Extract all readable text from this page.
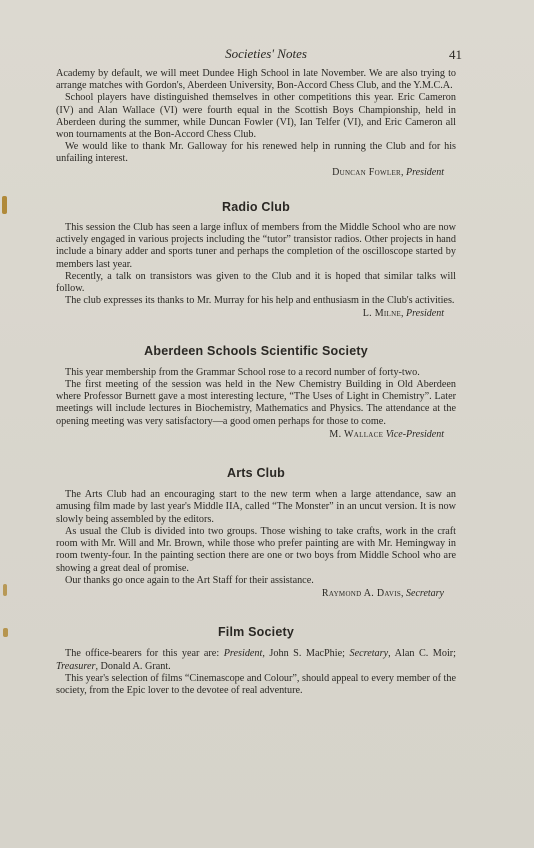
Societies' Notes	41

Academy by default, we will meet Dundee High School in late November. We are also trying to arrange matches with Gordon's, Aberdeen University, Bon-Accord Chess Club, and the Y.M.C.A.

School players have distinguished themselves in other competitions this year. Eric Cameron (IV) and Alan Wallace (VI) were fourth equal in the Scottish Boys Championship, held in Aberdeen during the summer, while Duncan Fowler (VI), Ian Telfer (VI), and Eric Cameron all won tournaments at the Bon-Accord Chess Club.

We would like to thank Mr. Galloway for his renewed help in running the Club and for his unfailing interest.

Duncan Fowler, President
Radio Club

This session the Club has seen a large influx of members from the Middle School who are now actively engaged in various projects including the “tutor” transistor radios. Other projects in hand include a binary adder and sports tuner and perhaps the completion of the oscilloscope started by members last year.

Recently, a talk on transistors was given to the Club and it is hoped that similar talks will follow.

The club expresses its thanks to Mr. Murray for his help and enthusiasm in the Club's activities.

L. Milne, President
Aberdeen Schools Scientific Society

This year membership from the Grammar School rose to a record number of forty-two.

The first meeting of the session was held in the New Chemistry Building in Old Aberdeen where Professor Burnett gave a most interesting lecture, “The Uses of Light in Chemistry”. Later meetings will include lectures in Biochemistry, Mathematics and Physics. The attendance at the opening meeting was very satisfactory—a good omen perhaps for those to come.

M. Wallace Vice-President
Arts Club

The Arts Club had an encouraging start to the new term when a large attendance, saw an amusing film made by last year's Middle IIA, called “The Monster” in an uncut version. It is now slowly being assembled by the editors.

As usual the Club is divided into two groups. Those wishing to take crafts, work in the craft room with Mr. Will and Mr. Brown, while those who prefer painting are with Mr. Hemingway in room twenty-four. In the painting section there are one or two boys from Middle School who are showing a great deal of promise.

Our thanks go once again to the Art Staff for their assistance.

Raymond A. Davis, Secretary
Film Society

The office-bearers for this year are: President, John S. MacPhie; Secretary, Alan C. Moir; Treasurer, Donald A. Grant.

This year's selection of films “Cinemascope and Colour”, should appeal to every member of the society, from the Epic lover to the devotee of real adventure.
